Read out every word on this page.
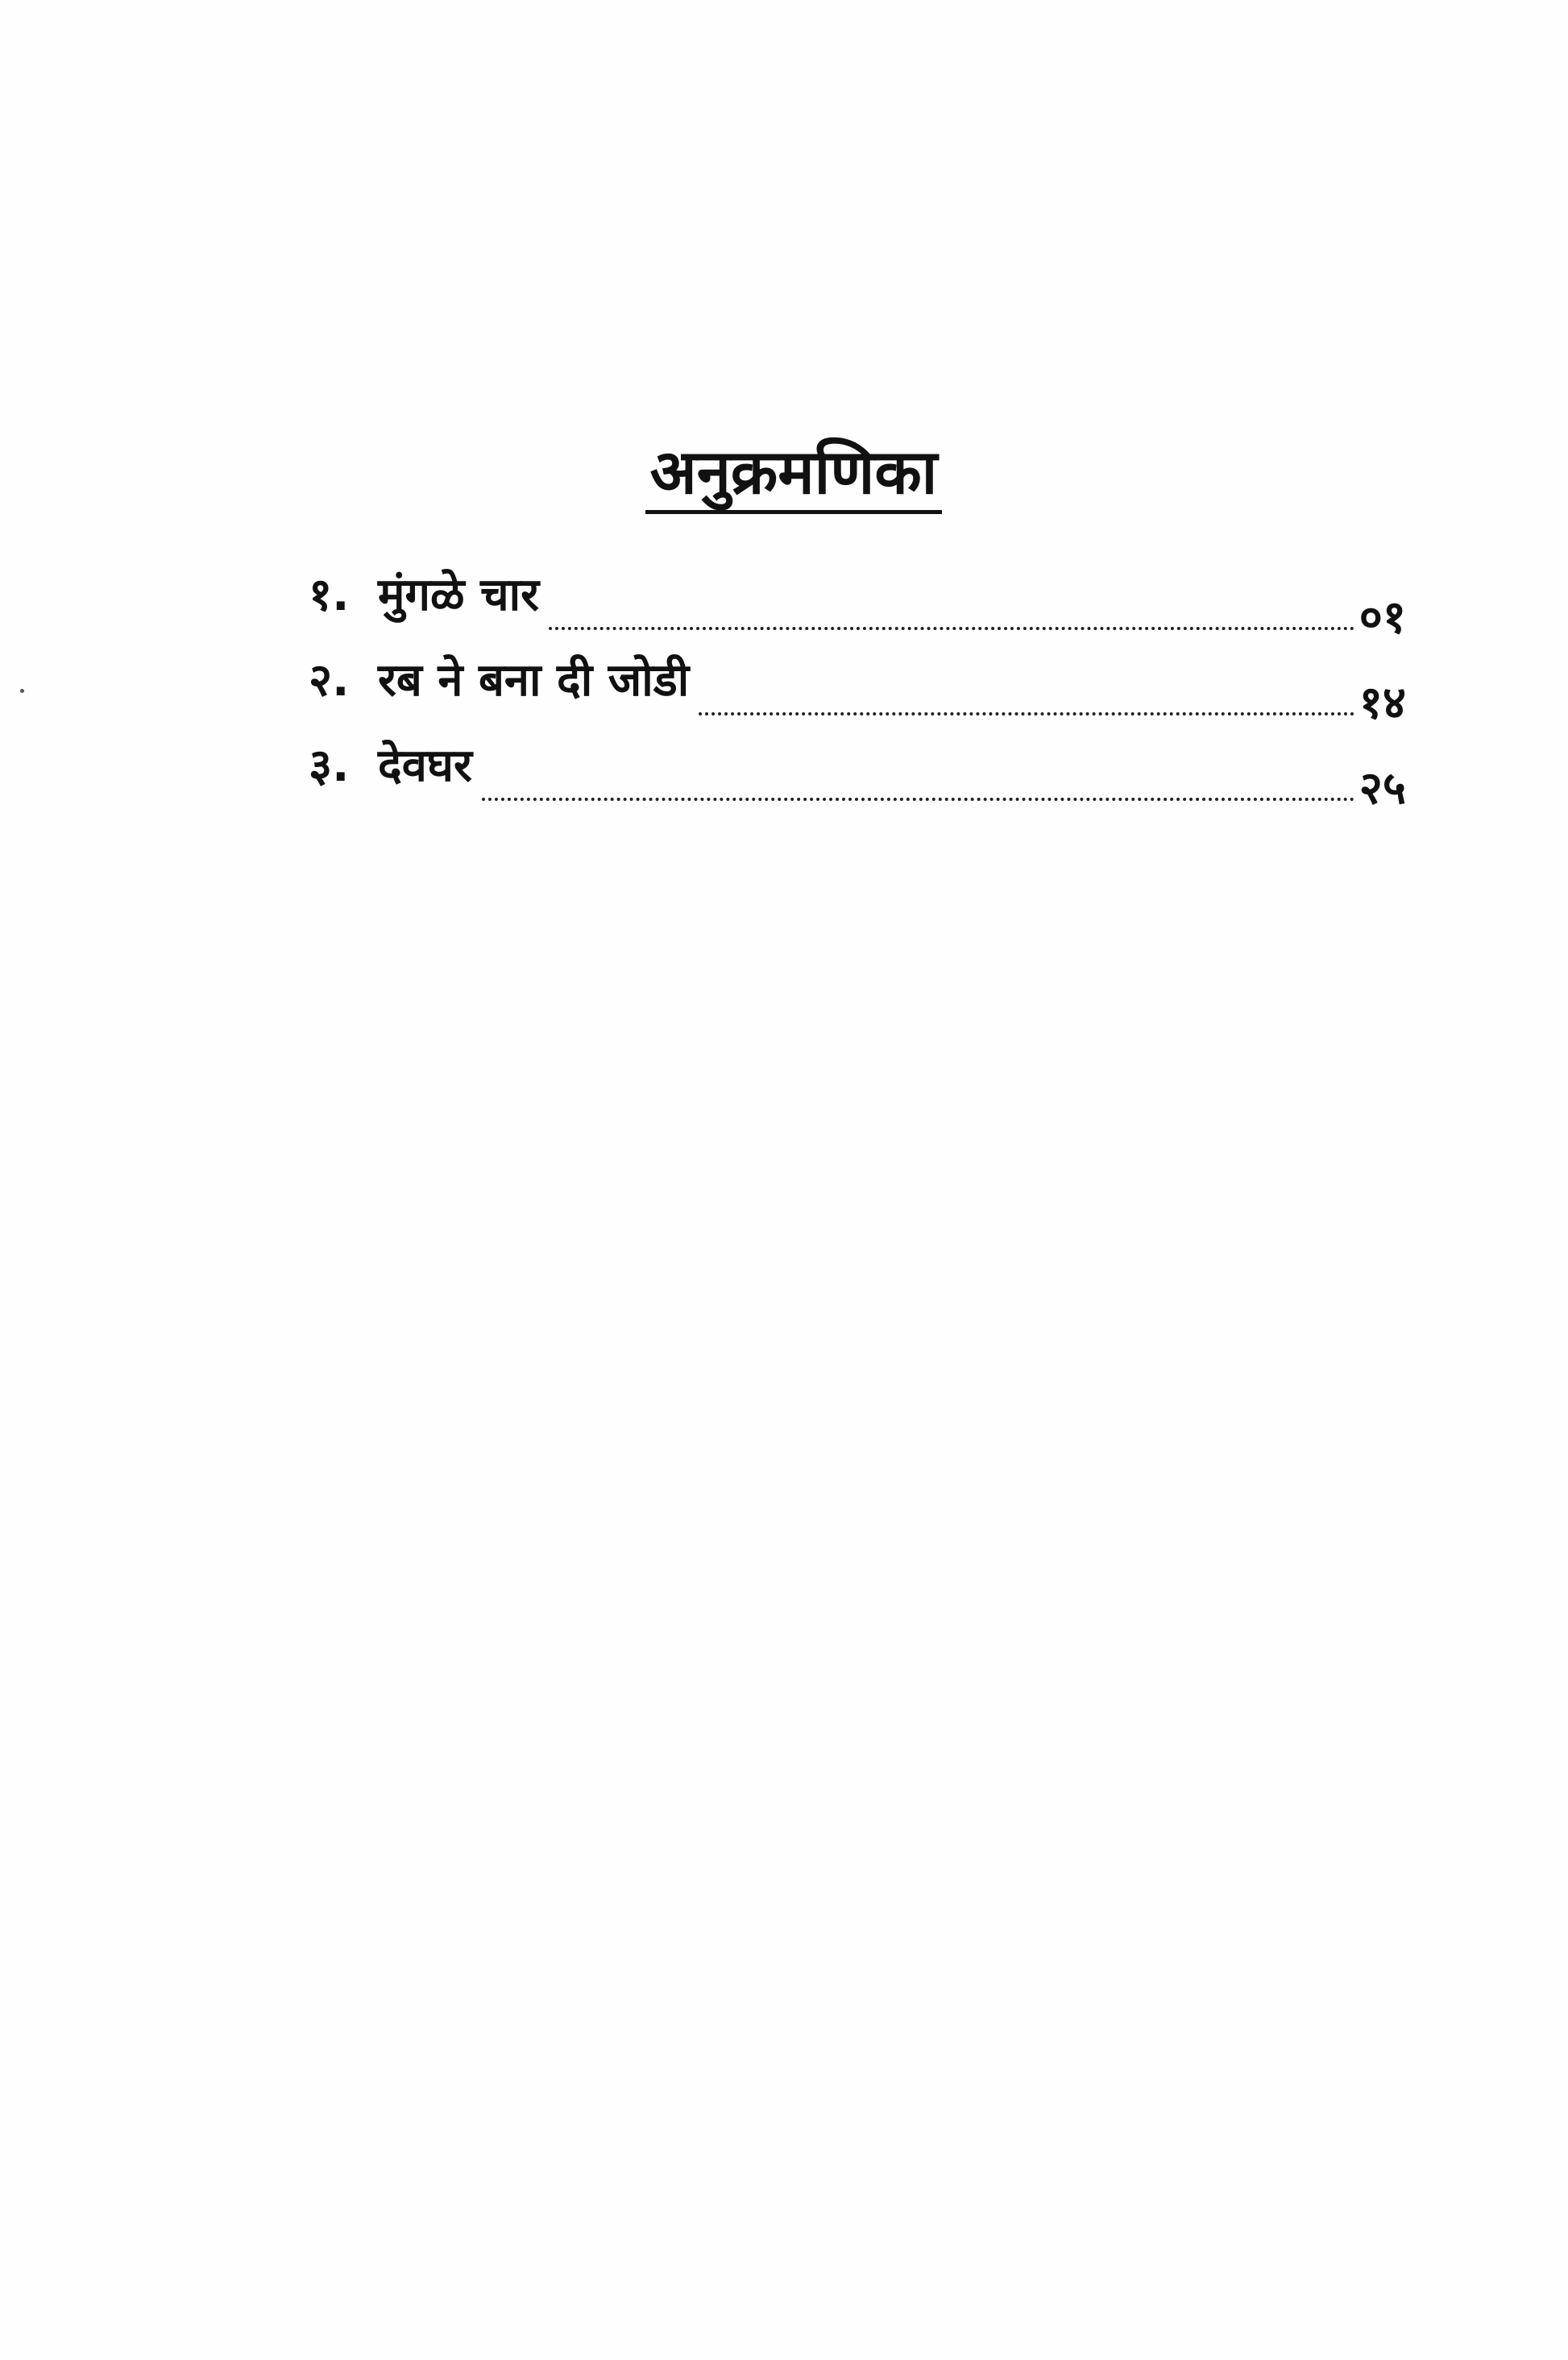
अनुक्रमणिका
१. मुंगळे चार	०१
२. रब ने बना दी जोडी	१४
३. देवघर	२५
